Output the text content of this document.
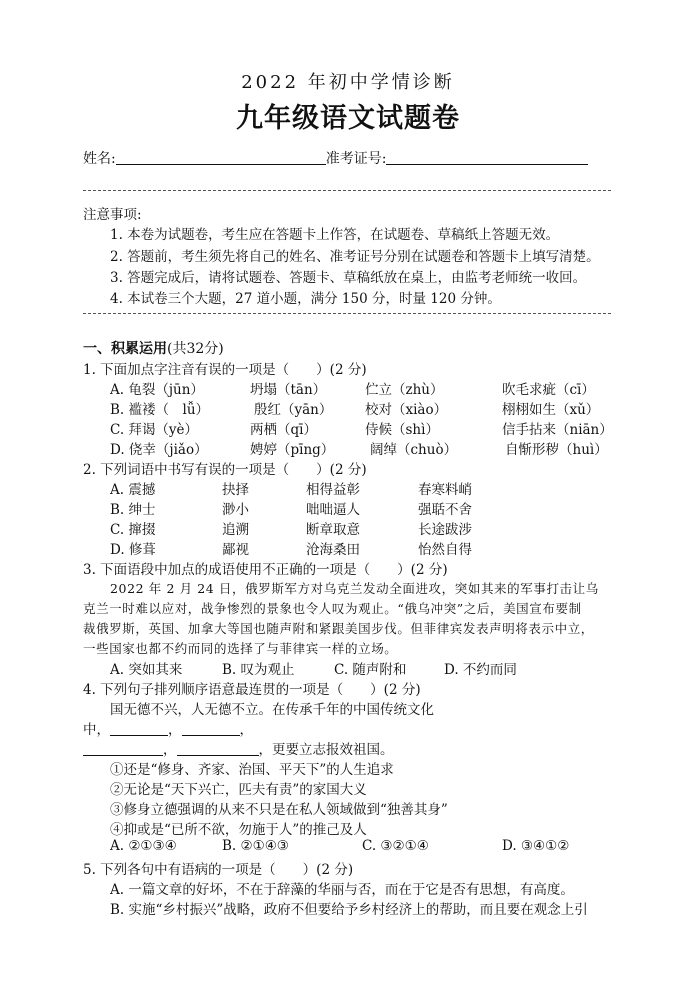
2022 年初中学情诊断
九年级语文试题卷
姓名:	准考证号:
注意事项:
1. 本卷为试题卷，考生应在答题卡上作答，在试题卷、草稿纸上答题无效。
2. 答题前，考生须先将自己的姓名、准考证号分别在试题卷和答题卡上填写清楚。
3. 答题完成后，请将试题卷、答题卡、草稿纸放在桌上，由监考老师统一收回。
4. 本试卷三个大题，27 道小题，满分 150 分，时量 120 分钟。
一、积累运用(共32分)
1. 下面加点字注音有误的一项是（　　）(2 分)
A. 龟裂（jūn）	坍塌（tān）	伫立（zhù）	吹毛求疵（cī）
B. 褴褛（　lǚ）	殷红（yān） 校对（xiào）	栩栩如生（xǔ）
C. 拜谒（yè）	两栖（qī）	侍候（shì）	信手拈来（niān）
D. 侥幸（jiǎo）	娉婷（pīng）	阔绰（chuò）	自惭形秽（huì）
2. 下列词语中书写有误的一项是（　　）(2 分)
A. 震撼	抉择	相得益彰	春寒料峭
B. 绅士	渺小	咄咄逼人	强聒不舍
C. 撺掇	追溯	断章取意	长途跋涉
D. 修葺	鄙视	沧海桑田	怡然自得
3. 下面语段中加点的成语使用不正确的一项是（　　）(2 分)
2022 年 2 月 24 日，俄罗斯军方对乌克兰发动全面进攻，突如其来的军事打击让乌
克兰一时难以应对，战争惨烈的景象也令人叹为观止。“俄乌冲突”之后，美国宣布要制
裁俄罗斯，英国、加拿大等国也随声附和紧跟美国步伐。但菲律宾发表声明将表示中立，
一些国家也都不约而同的选择了与菲律宾一样的立场。
A. 突如其来	B. 叹为观止	C. 随声附和	D. 不约而同
4. 下列句子排列顺序语意最连贯的一项是（　　）(2 分)
国无德不兴，人无德不立。在传承千年的中国传统文化
中，	，	，
，	，更要立志报效祖国。
①还是“修身、齐家、治国、平天下”的人生追求
②无论是“天下兴亡，匹夫有责”的家国大义
③修身立德强调的从来不只是在私人领域做到“独善其身”
④抑或是“已所不欲，勿施于人”的推己及人
A. ②①③④	B. ②①④③	C. ③②①④	D. ③④①②
5. 下列各句中有语病的一项是（　　）(2 分)
A. 一篇文章的好坏，不在于辞藻的华丽与否，而在于它是否有思想，有高度。
B. 实施“乡村振兴”战略，政府不但要给予乡村经济上的帮助，而且要在观念上引
